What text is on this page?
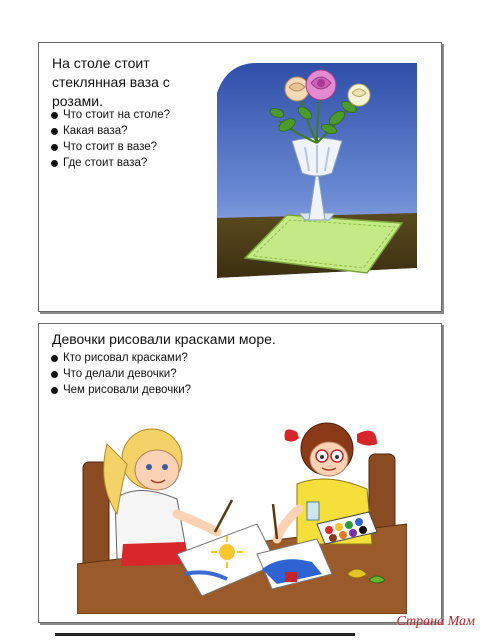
На столе стоит стеклянная ваза с розами.

Что стоит на столе?
Какая ваза?
Что стоит в вазе?
Где стоит ваза?

Девочки рисовали красками море.

Кто рисовал красками?
Что делали девочки?
Чем рисовали девочки?
Страна Мам
